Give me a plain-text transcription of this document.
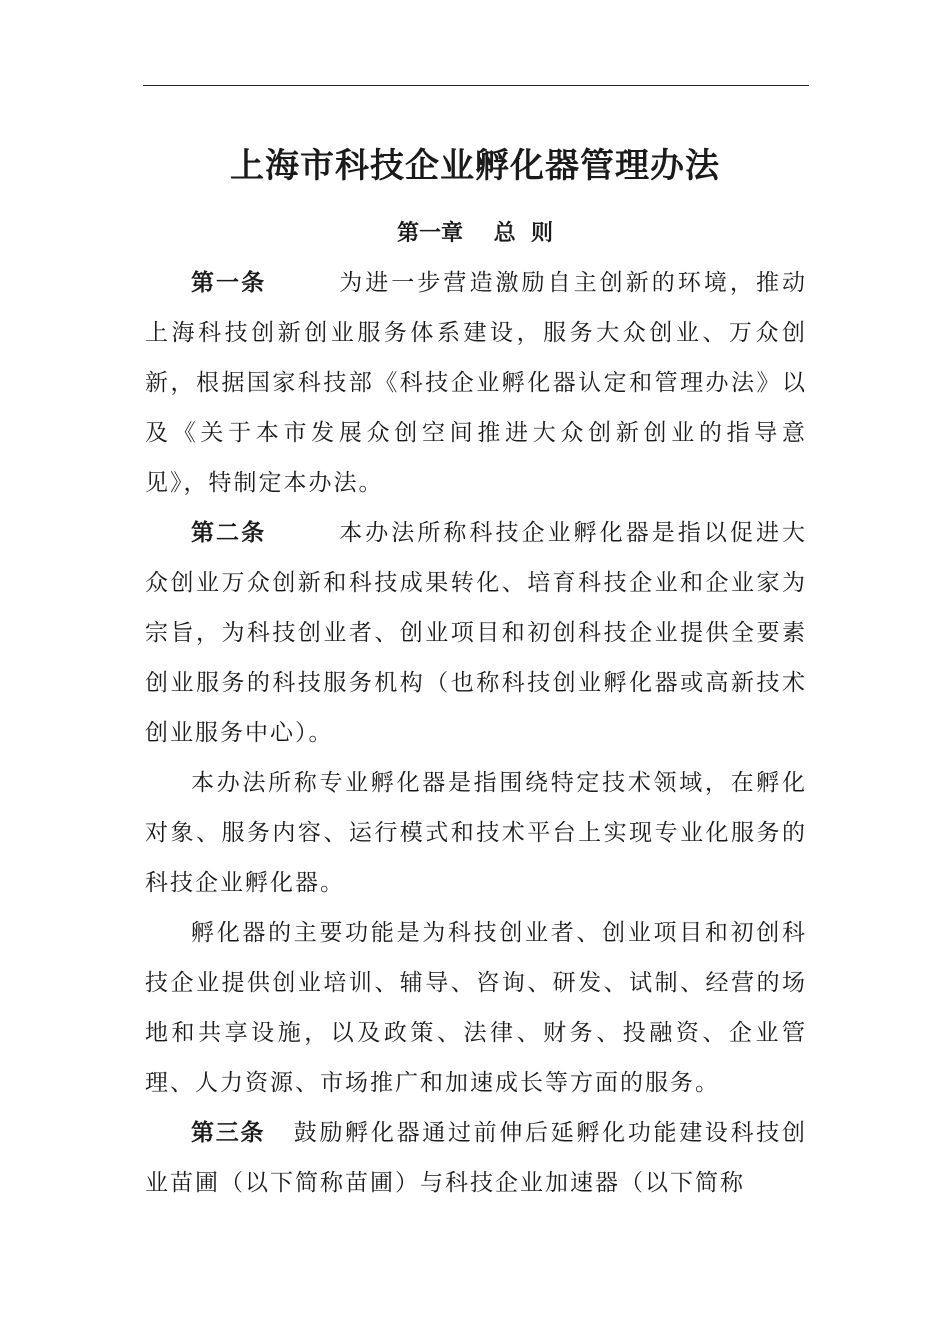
上海市科技企业孵化器管理办法
第一章    总  则

第一条	为进一步营造激励自主创新的环境，推动上海科技创新创业服务体系建设，服务大众创业、万众创新，根据国家科技部《科技企业孵化器认定和管理办法》以及《关于本市发展众创空间推进大众创新创业的指导意见》，特制定本办法。

第二条	本办法所称科技企业孵化器是指以促进大众创业万众创新和科技成果转化、培育科技企业和企业家为宗旨，为科技创业者、创业项目和初创科技企业提供全要素创业服务的科技服务机构（也称科技创业孵化器或高新技术创业服务中心）。

本办法所称专业孵化器是指围绕特定技术领域，在孵化对象、服务内容、运行模式和技术平台上实现专业化服务的科技企业孵化器。

孵化器的主要功能是为科技创业者、创业项目和初创科技企业提供创业培训、辅导、咨询、研发、试制、经营的场地和共享设施，以及政策、法律、财务、投融资、企业管理、人力资源、市场推广和加速成长等方面的服务。

第三条 鼓励孵化器通过前伸后延孵化功能建设科技创业苗圃（以下简称苗圃）与科技企业加速器（以下简称
